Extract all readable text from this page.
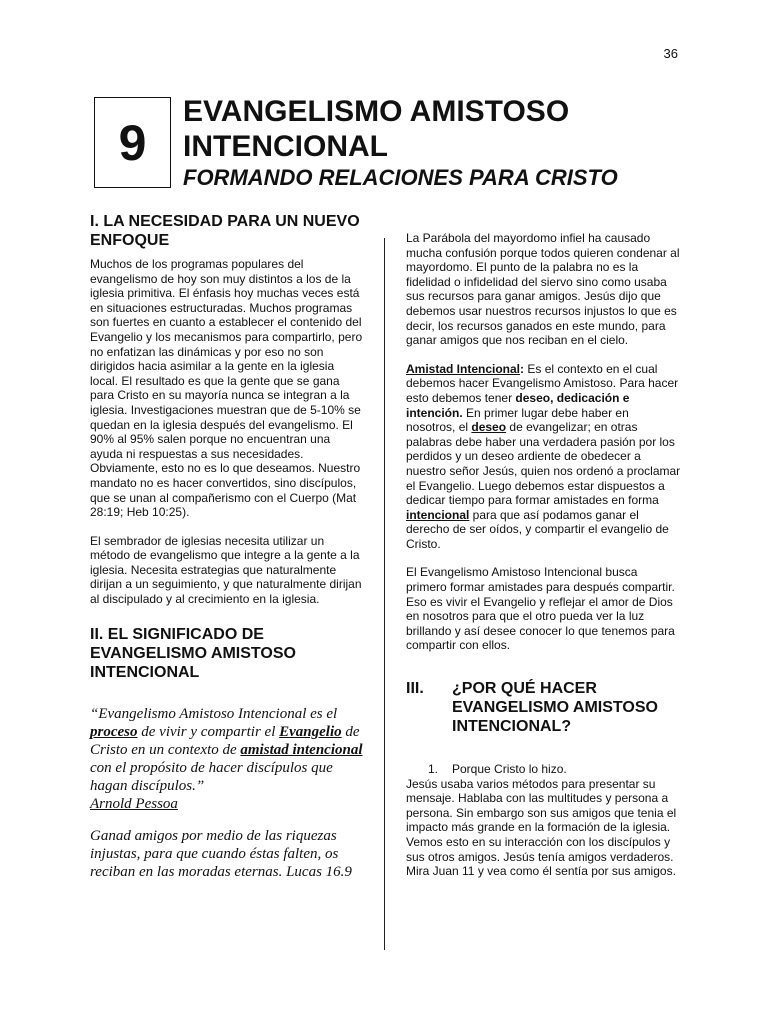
36
9
EVANGELISMO AMISTOSO
INTENCIONAL
FORMANDO RELACIONES PARA CRISTO
I. LA NECESIDAD PARA UN NUEVO ENFOQUE

Muchos de los programas populares del evangelismo de hoy son muy distintos a los de la iglesia primitiva. El énfasis hoy muchas veces está en situaciones estructuradas. Muchos programas son fuertes en cuanto a establecer el contenido del Evangelio y los mecanismos para compartirlo, pero no enfatizan las dinámicas y por eso no son dirigidos hacia asimilar a la gente en la iglesia local. El resultado es que la gente que se gana para Cristo en su mayoría nunca se integran a la iglesia. Investigaciones muestran que de 5-10% se quedan en la iglesia después del evangelismo. El 90% al 95% salen porque no encuentran una ayuda ni respuestas a sus necesidades. Obviamente, esto no es lo que deseamos. Nuestro mandato no es hacer convertidos, sino discípulos, que se unan al compañerismo con el Cuerpo (Mat 28:19; Heb 10:25).

El sembrador de iglesias necesita utilizar un método de evangelismo que integre a la gente a la iglesia. Necesita estrategias que naturalmente dirijan a un seguimiento, y que naturalmente dirijan al discipulado y al crecimiento en la iglesia.

II. EL SIGNIFICADO DE EVANGELISMO AMISTOSO INTENCIONAL

“Evangelismo Amistoso Intencional es el proceso de vivir y compartir el Evangelio de Cristo en un contexto de amistad intencional con el propósito de hacer discípulos que hagan discípulos.”
Arnold Pessoa

Ganad amigos por medio de las riquezas injustas, para que cuando éstas falten, os reciban en las moradas eternas. Lucas 16.9

La Parábola del mayordomo infiel ha causado mucha confusión porque todos quieren condenar al mayordomo. El punto de la palabra no es la fidelidad o infidelidad del siervo sino como usaba sus recursos para ganar amigos. Jesús dijo que debemos usar nuestros recursos injustos lo que es decir, los recursos ganados en este mundo, para ganar amigos que nos reciban en el cielo.

Amistad Intencional: Es el contexto en el cual debemos hacer Evangelismo Amistoso. Para hacer esto debemos tener deseo, dedicación e intención. En primer lugar debe haber en nosotros, el deseo de evangelizar; en otras palabras debe haber una verdadera pasión por los perdidos y un deseo ardiente de obedecer a nuestro señor Jesús, quien nos ordenó a proclamar el Evangelio. Luego debemos estar dispuestos a dedicar tiempo para formar amistades en forma intencional para que así podamos ganar el derecho de ser oídos, y compartir el evangelio de Cristo.

El Evangelismo Amistoso Intencional busca primero formar amistades para después compartir. Eso es vivir el Evangelio y reflejar el amor de Dios en nosotros para que el otro pueda ver la luz brillando y así desee conocer lo que tenemos para compartir con ellos.

III.	¿POR QUÉ HACER EVANGELISMO AMISTOSO INTENCIONAL?
1.	Porque Cristo lo hizo.

Jesús usaba varios métodos para presentar su mensaje. Hablaba con las multitudes y persona a persona. Sin embargo son sus amigos que tenia el impacto más grande en la formación de la iglesia. Vemos esto en su interacción con los discípulos y sus otros amigos. Jesús tenía amigos verdaderos. Mira Juan 11 y vea como él sentía por sus amigos.
